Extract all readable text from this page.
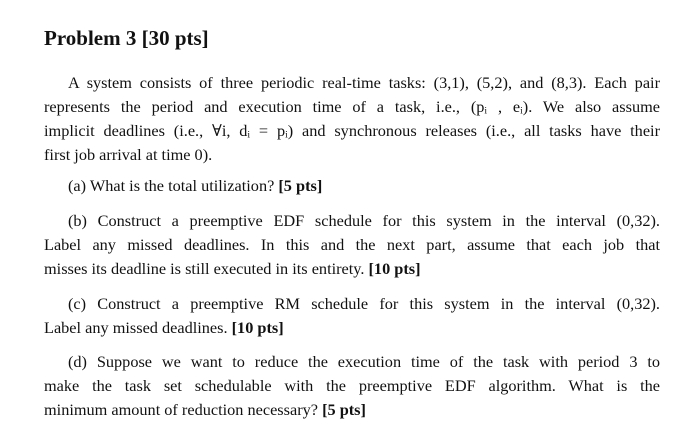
Problem 3 [30 pts]
A system consists of three periodic real-time tasks: (3,1), (5,2), and (8,3). Each pair
represents the period and execution time of a task, i.e., (pᵢ , eᵢ). We also assume
implicit deadlines (i.e., ∀i, dᵢ = pᵢ) and synchronous releases (i.e., all tasks have their
first job arrival at time 0).
(a) What is the total utilization? [5 pts]
(b) Construct a preemptive EDF schedule for this system in the interval (0,32).
Label any missed deadlines. In this and the next part, assume that each job that
misses its deadline is still executed in its entirety. [10 pts]
(c) Construct a preemptive RM schedule for this system in the interval (0,32).
Label any missed deadlines. [10 pts]
(d) Suppose we want to reduce the execution time of the task with period 3 to
make the task set schedulable with the preemptive EDF algorithm. What is the
minimum amount of reduction necessary? [5 pts]
